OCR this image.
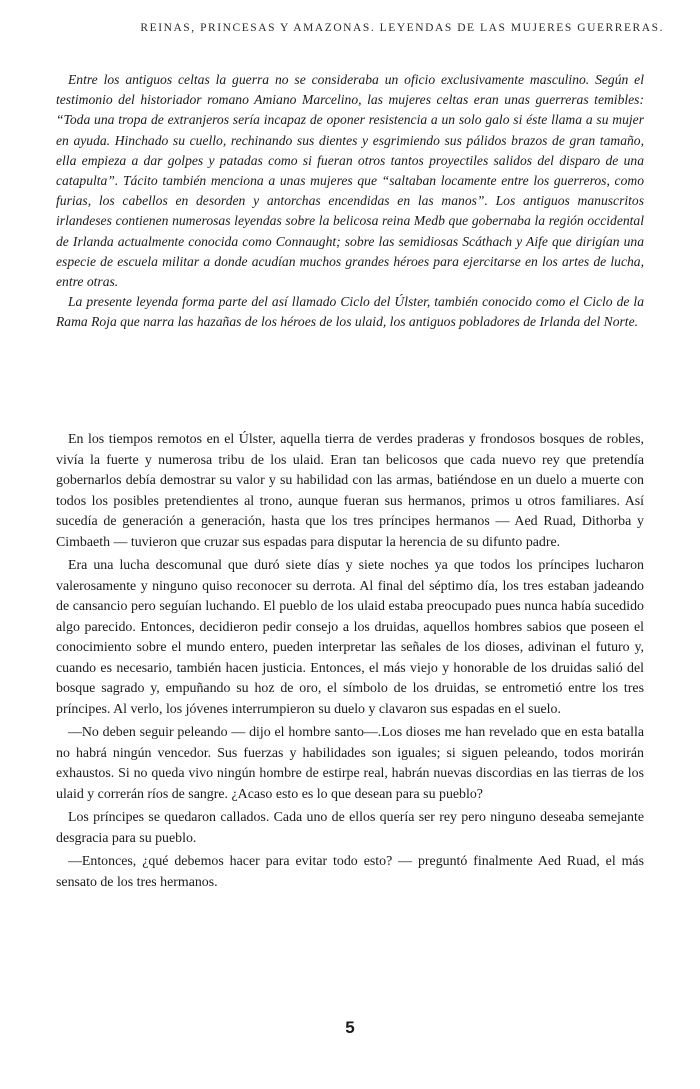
REINAS, PRINCESAS Y AMAZONAS. LEYENDAS DE LAS MUJERES GUERRERAS.

Entre los antiguos celtas la guerra no se consideraba un oficio exclusivamente masculino. Según el testimonio del historiador romano Amiano Marcelino, las mujeres celtas eran unas guerreras temibles: “Toda una tropa de extranjeros sería incapaz de oponer resistencia a un solo galo si éste llama a su mujer en ayuda. Hinchado su cuello, rechinando sus dientes y esgrimiendo sus pálidos brazos de gran tamaño, ella empieza a dar golpes y patadas como si fueran otros tantos proyectiles salidos del disparo de una catapulta”. Tácito también menciona a unas mujeres que “saltaban locamente entre los guerreros, como furias, los cabellos en desorden y antorchas encendidas en las manos”. Los antiguos manuscritos irlandeses contienen numerosas leyendas sobre la belicosa reina Medb que gobernaba la región occidental de Irlanda actualmente conocida como Connaught; sobre las semidiosas Scáthach y Aife que dirigían una especie de escuela militar a donde acudían muchos grandes héroes para ejercitarse en los artes de lucha, entre otras.

La presente leyenda forma parte del así llamado Ciclo del Úlster, también conocido como el Ciclo de la Rama Roja que narra las hazañas de los héroes de los ulaid, los antiguos pobladores de Irlanda del Norte.

En los tiempos remotos en el Úlster, aquella tierra de verdes praderas y frondosos bosques de robles, vivía la fuerte y numerosa tribu de los ulaid. Eran tan belicosos que cada nuevo rey que pretendía gobernarlos debía demostrar su valor y su habilidad con las armas, batiéndose en un duelo a muerte con todos los posibles pretendientes al trono, aunque fueran sus hermanos, primos u otros familiares. Así sucedía de generación a generación, hasta que los tres príncipes hermanos — Aed Ruad, Dithorba y Cimbaeth — tuvieron que cruzar sus espadas para disputar la herencia de su difunto padre.

Era una lucha descomunal que duró siete días y siete noches ya que todos los príncipes lucharon valerosamente y ninguno quiso reconocer su derrota. Al final del séptimo día, los tres estaban jadeando de cansancio pero seguían luchando. El pueblo de los ulaid estaba preocupado pues nunca había sucedido algo parecido. Entonces, decidieron pedir consejo a los druidas, aquellos hombres sabios que poseen el conocimiento sobre el mundo entero, pueden interpretar las señales de los dioses, adivinan el futuro y, cuando es necesario, también hacen justicia. Entonces, el más viejo y honorable de los druidas salió del bosque sagrado y, empuñando su hoz de oro, el símbolo de los druidas, se entrometió entre los tres príncipes. Al verlo, los jóvenes interrumpieron su duelo y clavaron sus espadas en el suelo.

—No deben seguir peleando — dijo el hombre santo—.Los dioses me han revelado que en esta batalla no habrá ningún vencedor. Sus fuerzas y habilidades son iguales; si siguen peleando, todos morirán exhaustos. Si no queda vivo ningún hombre de estirpe real, habrán nuevas discordias en las tierras de los ulaid y correrán ríos de sangre. ¿Acaso esto es lo que desean para su pueblo?

Los príncipes se quedaron callados. Cada uno de ellos quería ser rey pero ninguno deseaba semejante desgracia para su pueblo.

—Entonces, ¿qué debemos hacer para evitar todo esto? — preguntó finalmente Aed Ruad, el más sensato de los tres hermanos.

5
